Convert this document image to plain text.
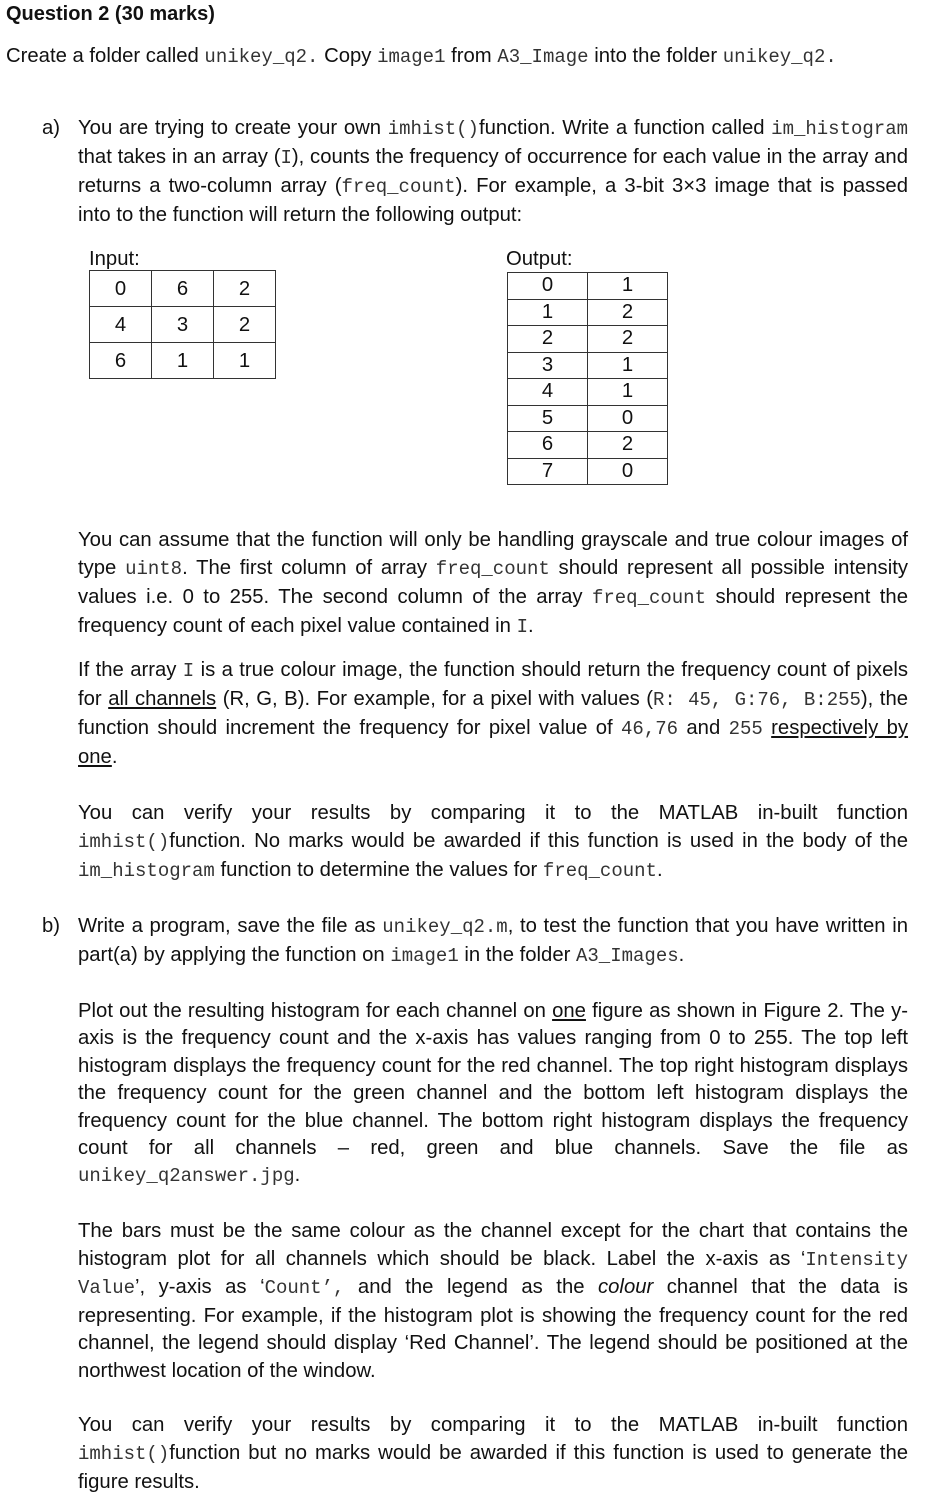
Question 2 (30 marks)

Create a folder called unikey_q2. Copy image1 from A3_Image into the folder unikey_q2.

a) You are trying to create your own imhist()function. Write a function called im_histogram that takes in an array (I), counts the frequency of occurrence for each value in the array and returns a two-column array (freq_count). For example, a 3-bit 3×3 image that is passed into to the function will return the following output:

Input:	Output:
0	6	2
4	3	2
6	1	1
0	1
1	2
2	2
3	1
4	1
5	0
6	2
7	0

You can assume that the function will only be handling grayscale and true colour images of type uint8. The first column of array freq_count should represent all possible intensity values i.e. 0 to 255. The second column of the array freq_count should represent the frequency count of each pixel value contained in I.

If the array I is a true colour image, the function should return the frequency count of pixels for all channels (R, G, B). For example, for a pixel with values (R: 45, G:76, B:255), the function should increment the frequency for pixel value of 46,76 and 255 respectively by one.

You can verify your results by comparing it to the MATLAB in-built function imhist()function. No marks would be awarded if this function is used in the body of the im_histogram function to determine the values for freq_count.

b) Write a program, save the file as unikey_q2.m, to test the function that you have written in part(a) by applying the function on image1 in the folder A3_Images.

Plot out the resulting histogram for each channel on one figure as shown in Figure 2. The y-axis is the frequency count and the x-axis has values ranging from 0 to 255. The top left histogram displays the frequency count for the red channel. The top right histogram displays the frequency count for the green channel and the bottom left histogram displays the frequency count for the blue channel. The bottom right histogram displays the frequency count for all channels – red, green and blue channels. Save the file as unikey_q2answer.jpg.

The bars must be the same colour as the channel except for the chart that contains the histogram plot for all channels which should be black. Label the x-axis as ‘Intensity Value’, y-axis as ‘Count’, and the legend as the colour channel that the data is representing. For example, if the histogram plot is showing the frequency count for the red channel, the legend should display ‘Red Channel’. The legend should be positioned at the northwest location of the window.

You can verify your results by comparing it to the MATLAB in-built function imhist()function but no marks would be awarded if this function is used to generate the figure results.
